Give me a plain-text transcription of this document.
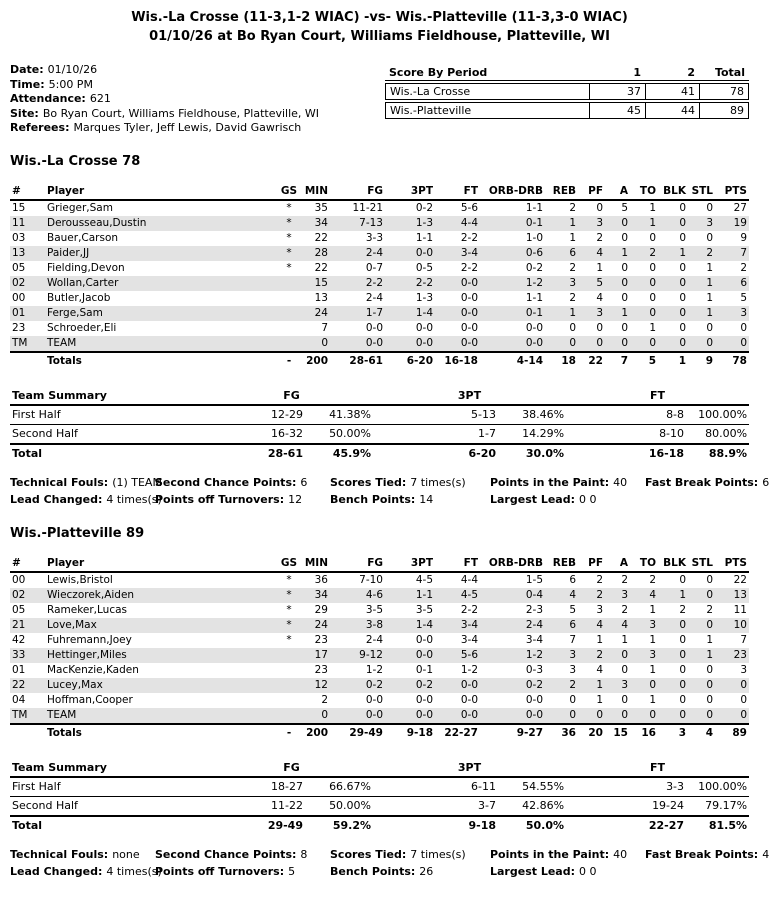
Wis.-La Crosse (11-3,1-2 WIAC) -vs- Wis.-Platteville (11-3,3-0 WIAC)
01/10/26 at Bo Ryan Court, Williams Fieldhouse, Platteville, WI
Date: 01/10/26
Time: 5:00 PM
Attendance: 621
Site: Bo Ryan Court, Williams Fieldhouse, Platteville, WI
Referees: Marques Tyler, Jeff Lewis, David Gawrisch
Score By Period	1	2	Total
Wis.-La Crosse	37	41	78
Wis.-Platteville	45	44	89
Wis.-La Crosse 78
#	Player	GS	MIN	FG	3PT	FT	ORB-DRB	REB	PF	A	TO	BLK	STL	PTS
15	Grieger,Sam	*	35	11-21	0-2	5-6	1-1	2	0	5	1	0	0	27
11	Derousseau,Dustin	*	34	7-13	1-3	4-4	0-1	1	3	0	1	0	3	19
03	Bauer,Carson	*	22	3-3	1-1	2-2	1-0	1	2	0	0	0	0	9
13	Paider,JJ	*	28	2-4	0-0	3-4	0-6	6	4	1	2	1	2	7
05	Fielding,Devon	*	22	0-7	0-5	2-2	0-2	2	1	0	0	0	1	2
02	Wollan,Carter		15	2-2	2-2	0-0	1-2	3	5	0	0	0	1	6
00	Butler,Jacob		13	2-4	1-3	0-0	1-1	2	4	0	0	0	1	5
01	Ferge,Sam		24	1-7	1-4	0-0	0-1	1	3	1	0	0	1	3
23	Schroeder,Eli		7	0-0	0-0	0-0	0-0	0	0	0	1	0	0	0
TM	TEAM		0	0-0	0-0	0-0	0-0	0	0	0	0	0	0	0
	Totals	-	200	28-61	6-20	16-18	4-14	18	22	7	5	1	9	78
Team Summary	FG		3PT		FT	
First Half	12-29	41.38%	5-13	38.46%	8-8	100.00%
Second Half	16-32	50.00%	1-7	14.29%	8-10	80.00%
Total	28-61	45.9%	6-20	30.0%	16-18	88.9%
Technical Fouls: (1) TEAM
Second Chance Points: 6	Scores Tied: 7 times(s)	Points in the Paint: 40	Fast Break Points: 6
Lead Changed: 4 times(s)
Points off Turnovers: 12	Bench Points: 14	Largest Lead: 0 0
Wis.-Platteville 89
#	Player	GS	MIN	FG	3PT	FT	ORB-DRB	REB	PF	A	TO	BLK	STL	PTS
00	Lewis,Bristol	*	36	7-10	4-5	4-4	1-5	6	2	2	2	0	0	22
02	Wieczorek,Aiden	*	34	4-6	1-1	4-5	0-4	4	2	3	4	1	0	13
05	Rameker,Lucas	*	29	3-5	3-5	2-2	2-3	5	3	2	1	2	2	11
21	Love,Max	*	24	3-8	1-4	3-4	2-4	6	4	4	3	0	0	10
42	Fuhremann,Joey	*	23	2-4	0-0	3-4	3-4	7	1	1	1	0	1	7
33	Hettinger,Miles		17	9-12	0-0	5-6	1-2	3	2	0	3	0	1	23
01	MacKenzie,Kaden		23	1-2	0-1	1-2	0-3	3	4	0	1	0	0	3
22	Lucey,Max		12	0-2	0-2	0-0	0-2	2	1	3	0	0	0	0
04	Hoffman,Cooper		2	0-0	0-0	0-0	0-0	0	1	0	1	0	0	0
TM	TEAM		0	0-0	0-0	0-0	0-0	0	0	0	0	0	0	0
	Totals	-	200	29-49	9-18	22-27	9-27	36	20	15	16	3	4	89
Team Summary	FG		3PT		FT	
First Half	18-27	66.67%	6-11	54.55%	3-3	100.00%
Second Half	11-22	50.00%	3-7	42.86%	19-24	79.17%
Total	29-49	59.2%	9-18	50.0%	22-27	81.5%
Technical Fouls: none	Second Chance Points: 8	Scores Tied: 7 times(s)	Points in the Paint: 40	Fast Break Points: 4
Lead Changed: 4 times(s)
Points off Turnovers: 5	Bench Points: 26	Largest Lead: 0 0
